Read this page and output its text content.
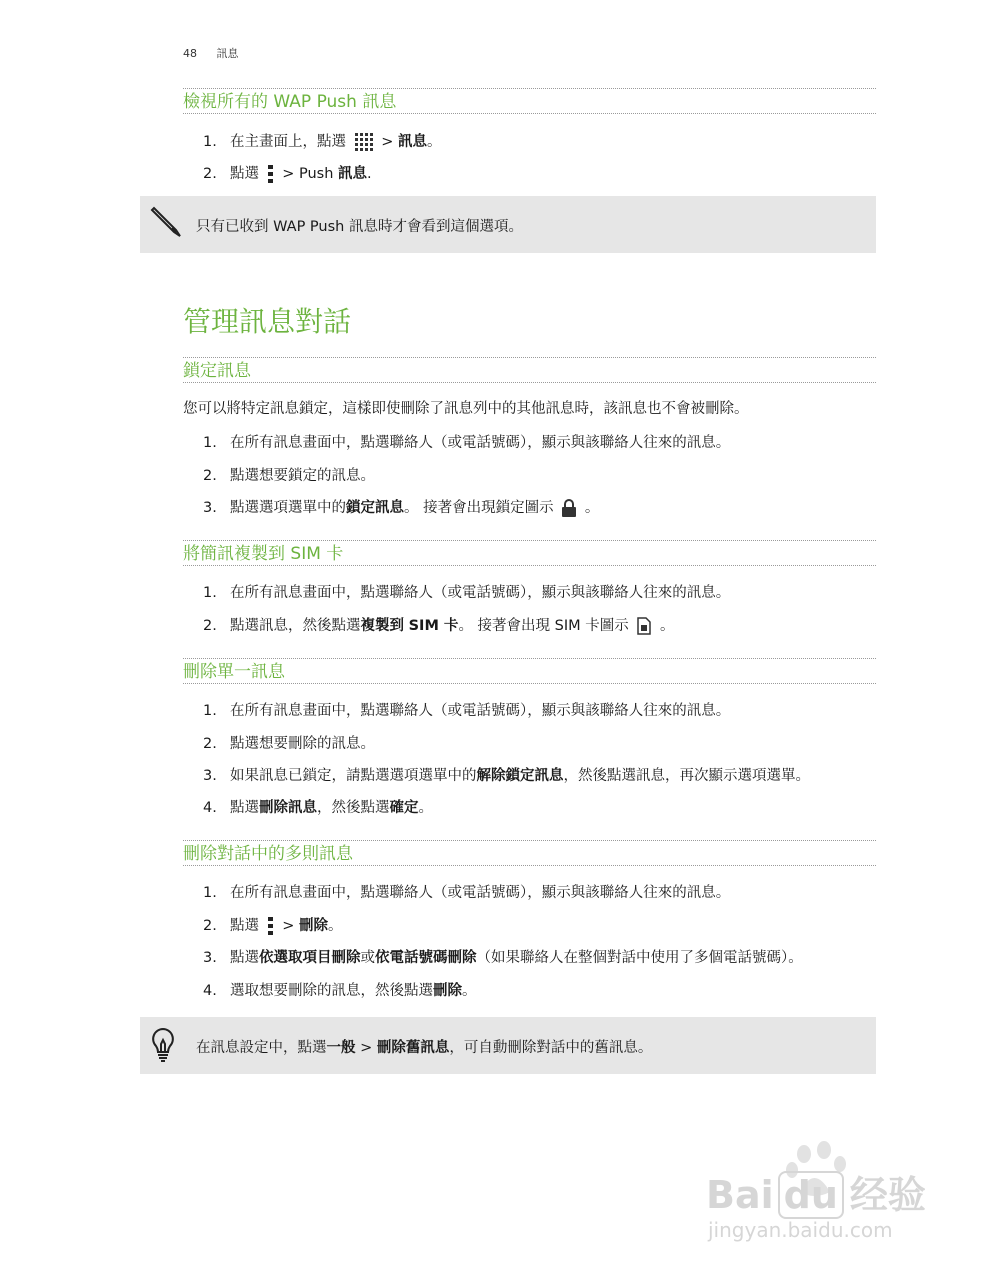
48 訊息
檢視所有的 WAP Push 訊息
1. 在主畫面上，點選 > 訊息。
2. 點選 > Push 訊息.
只有已收到 WAP Push 訊息時才會看到這個選項。
管理訊息對話
鎖定訊息
您可以將特定訊息鎖定，這樣即使刪除了訊息列中的其他訊息時，該訊息也不會被刪除。
1. 在所有訊息畫面中，點選聯絡人（或電話號碼），顯示與該聯絡人往來的訊息。
2. 點選想要鎖定的訊息。
3. 點選選項選單中的鎖定訊息。 接著會出現鎖定圖示 。
將簡訊複製到 SIM 卡
1. 在所有訊息畫面中，點選聯絡人（或電話號碼），顯示與該聯絡人往來的訊息。
2. 點選訊息，然後點選複製到 SIM 卡。 接著會出現 SIM 卡圖示 。
刪除單一訊息
1. 在所有訊息畫面中，點選聯絡人（或電話號碼），顯示與該聯絡人往來的訊息。
2. 點選想要刪除的訊息。
3. 如果訊息已鎖定，請點選選項選單中的解除鎖定訊息，然後點選訊息，再次顯示選項選單。
4. 點選刪除訊息，然後點選確定。
刪除對話中的多則訊息
1. 在所有訊息畫面中，點選聯絡人（或電話號碼），顯示與該聯絡人往來的訊息。
2. 點選 > 刪除。
3. 點選依選取項目刪除或依電話號碼刪除（如果聯絡人在整個對話中使用了多個電話號碼）。
4. 選取想要刪除的訊息，然後點選刪除。
在訊息設定中，點選一般 > 刪除舊訊息，可自動刪除對話中的舊訊息。
Bai du 经验
jingyan.baidu.com
